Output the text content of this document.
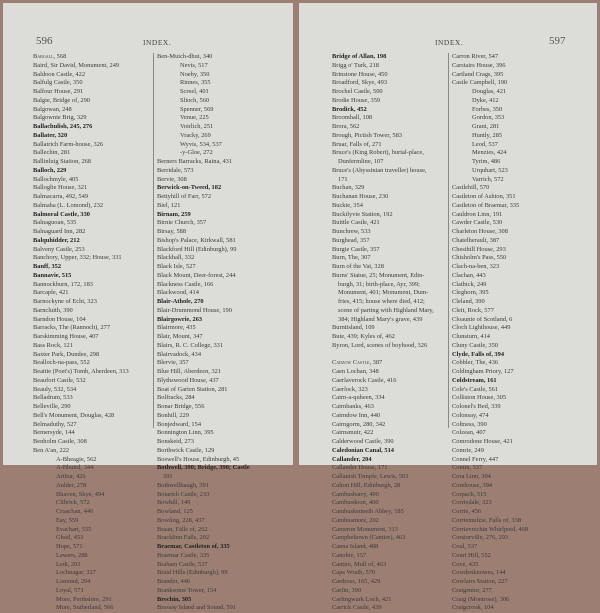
596	INDEX.
Babgall, 568
Baird, Sir David, Monument, 249
Baldoon Castle, 422
Balfulg Castle, 350
Balfour House, 291
Balgie, Bridge of, 290
Balgowan, 248
Balgownie Brig, 329
Ballachulish, 245, 276
Ballater, 320
Ballatrich Farm-house, 326
Ballechin, 281
Ballinluig Station, 268
Balloch, 229
Ballochmyle, 405
Balloglie House, 321
Balmacarra, 492, 549
Balmaha (L. Lomond), 232
Balmoral Castle, 330
Balnaguoan, 535
Balnaguard Inn, 282
Balquhidder, 212
Balveny Castle, 253
Banchory, Upper, 332; House, 331
Banff, 352
Bannavie, 515
Bannockburn, 172, 183
Barcaple, 421
Barnockyne of Echt, 323
Barncluith, 390
Barndon House, 104
Barracks, The (Rannoch), 277
Barskimming House, 407
Bass Rock, 121
Baxter Park, Dundee, 298
Bealloch-na-pass, 552
Beattie (Poet's) Tomb, Aberdeen, 313
Beaufort Castle, 532
Beauly, 532, 534
Belladrum, 533
Belleville, 290
Bell's Monument, Douglas, 428
Belmaduthy, 527
Bemersyde, 144
Benholm Castle, 308
Ben A'an, 222
A-Bheagie, 562
A-Bhuird, 344
Arthur, 426
Aulder, 278
Bhaven, Skye, 494
Clibrick, 572
Cruachan, 446
Eay, 559
Evachart, 555
Ghoil, 453
Hope, 571
Lawers, 288
Ledi, 203
Lochnagar, 327
Lomond, 294
Loyal, 571
More, Perthshire, 291
More, Sutherland, 566
Ben-Muich-dhui, 340
Nevis, 517
Noeby, 350
Rinnes, 355
Screel, 401
Slioch, 560
Spenner, 569
Venue, 225
Voirlich, 251
Vracky, 269
Wyvis, 534, 537
-y-Gloe, 272
Berners Barracks, Raina, 431
Berridale, 573
Bervie, 308
Berwick-on-Tweed, 182
Bettyhill of Farr, 572
Biel, 121
Birnam, 259
Birnie Church, 357
Birsay, 588
Bishop's Palace, Kirkwall, 581
Blackford Hill (Edinburgh), 99
Blackhall, 332
Black Isle, 527
Black Mount, Deer-forest, 244
Blackness Castle, 166
Blackwood, 414
Blair-Athole, 270
Blair-Drummond House, 190
Blairgowrie, 263
Blairmore, 435
Blair, Mount, 347
Blairs, R. C. College, 331
Blairvadock, 434
Blervie, 357
Blue Hill, Aberdeen, 321
Blythswood House, 437
Boat of Garten Station, 281
Bolfracks, 284
Bonar Bridge, 556
Bonhill, 229
Bonjedward, 154
Bonnington Linn, 395
Bonskeid, 273
Borthwick Castle, 129
Boswell's House, Edinburgh, 45
Bothwell, 390; Bridge, 390; Castle
391
Bothwellhaugh, 391
Botarich Castle, 233
Bowhill, 149
Bowland, 125
Bowling, 228, 437
Braan, Falls of, 262
Bracklinn Falls, 202
Braemar, Castleton of, 335
Braemar Castle, 335
Braham Castle, 537
Braid Hills (Edinburgh), 99
Brander, 446
Branksome Tower, 154
Brechin, 305
Bressay Island and Sound, 591
INDEX.	597
Bridge of Allan, 198
Brigg o' Turk, 218
Brinstone House, 450
Broadford, Skye, 493
Brochel Castle, 500
Brodie House, 359
Brodick, 452
Broomhall, 108
Brora, 562
Brough, Pictish Tower, 583
Bruar, Falls of, 271
Bruce's (King Robert), burial-place,
Dunfermline, 107
Bruce's (Abyssinian traveller) house,
171
Buchan, 329
Buchanan House, 230
Buckie, 354
Buckilyvie Station, 192
Buittle Castle, 421
Bunchrew, 533
Burghead, 357
Burgie Castle, 357
Burn, The, 307
Burn of the Vat, 328
Burns' Statue, 25; Monument, Edin-
burgh, 31; birth-place, Ayr, 399;
Monument, 401; Monument, Dum-
fries, 415; house where died, 412;
scene of parting with Highland Mary,
384; Highland Mary's grave, 439
Burntisland, 109
Bute, 439; Kyles of, 462
Byron, Lord, scenes of boyhood, 326

Cadzow Castle, 387
Caen Lochan, 348
Caerlaverock Castle, 416
Caerlock, 323
Cairn-a-quheen, 334
Cairnbanks, 463
Cairndow Inn, 440
Cairngorm, 280, 342
Cairnsmuir, 422
Calderwood Castle, 390
Caledonian Canal, 514
Callander, 204
Callander House, 171
Callanish Temple, Lewis, 503
Calton Hill, Edinburgh, 28
Cambusbarry, 490
Cambusdoon, 400
Cambuskenneth Abbey, 185
Cambusmore, 202
Cameron Monument, 313
Campbeltown (Cantire), 463
Canna Island, 488
Canobie, 157
Cantire, Mull of, 463
Cape Wrath, 570
Cardross, 165, 429
Carfin, 390
Carlingwark Loch, 421
Carrick Castle, 439
Carron River, 547
Carstairs House, 396
Cartland Crags, 395
Castle Campbell, 190
Douglas, 421
Dyke, 412
Forbes, 350
Gordon, 353
Grant, 281
Huntly, 285
Leod, 537
Menzies, 424
Tyrim, 486
Urquhart, 523
Varrich, 572
Castlehill, 570
Castleton of Ashton, 351
Castleton of Braemar, 335
Cauldron Linn, 191
Cawder Castle, 530
Charleton House, 308
Chatelherault, 387
Chesthill House, 293
Chisholm's Pass, 550
Clach-na-ben, 323
Clachan, 443
Clathick, 249
Cleghorn, 395
Cleland, 390
Cleit, Rock, 577
Cloaunie of Scotland, 6
Cloch Lighthouse, 449
Clunsturn, 414
Cluny Castle, 350
Clyde, Falls of, 394
Cobbler, The, 436
Coldingham Priory, 127
Coldstream, 161
Cole's Castle, 561
Colliston House, 305
Colonel's Bed, 339
Colonsay, 474
Coltness, 390
Colzean, 407
Comrodone House, 421
Comrie, 249
Connel Ferry, 447
Contin, 537
Cora Linn, 394
Corehouse, 394
Corpach, 515
Corriedale, 323
Corrie, 456
Corriemulzie, Falls of, 338
Corrievrechin Whirlpool, 468
Corstorville, 276, 293
Coul, 537
Court Hill, 552
Cove, 435
Cowdenknowes, 144
Cowlairs Station, 227
Craigentor, 277
Craig (Montrose), 306
Craigcrook, 104
